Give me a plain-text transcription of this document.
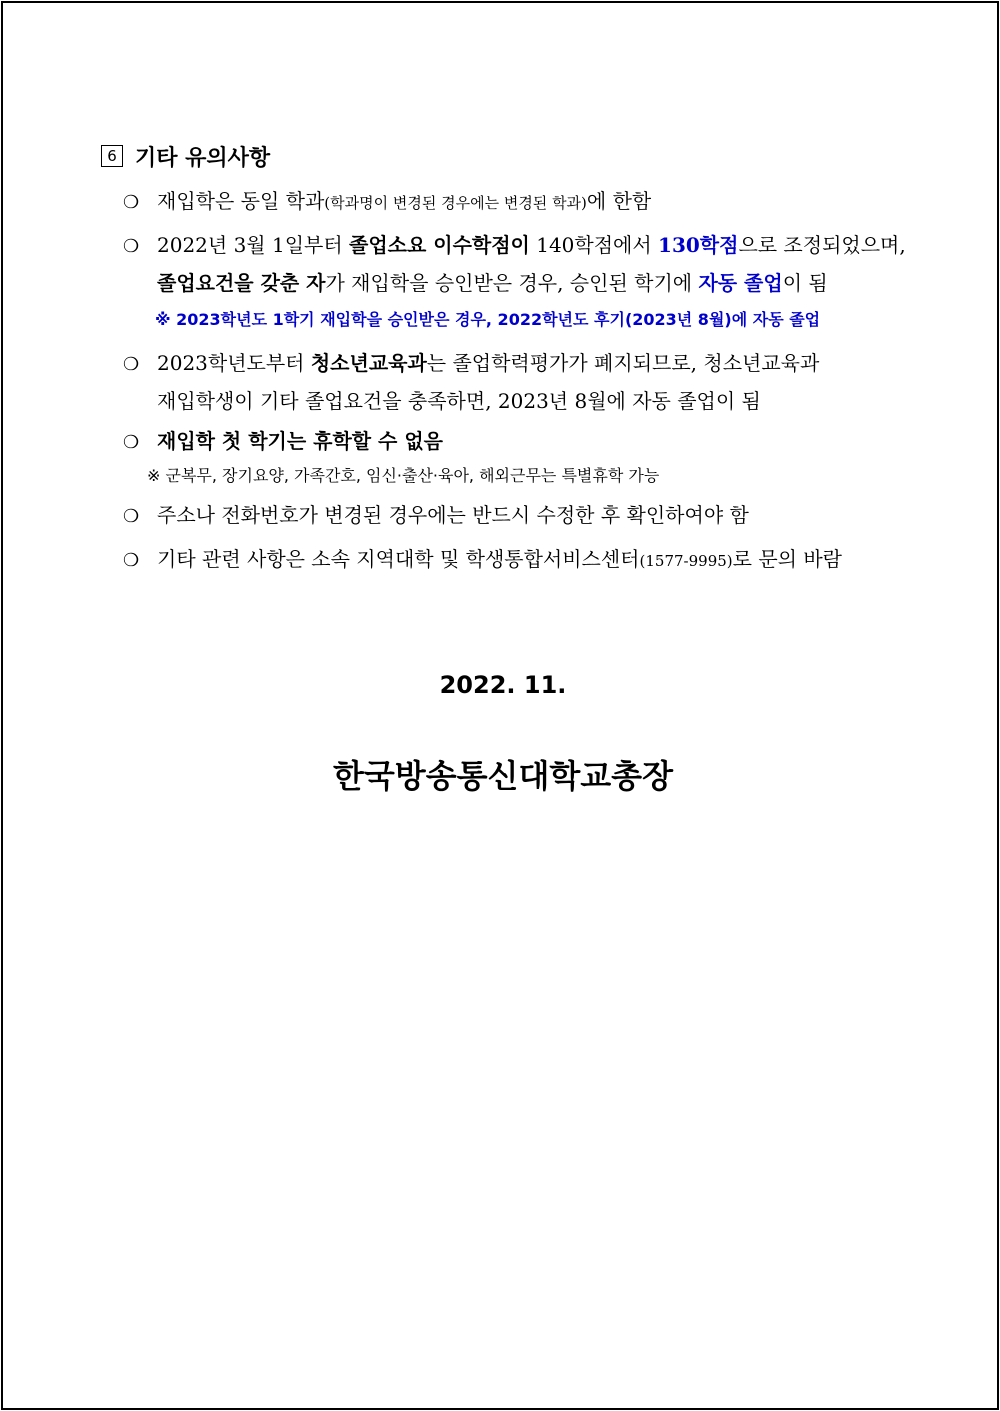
6 기타 유의사항
❍ 재입학은 동일 학과(학과명이 변경된 경우에는 변경된 학과)에 한함
❍ 2022년 3월 1일부터 졸업소요 이수학점이 140학점에서 130학점으로 조정되었으며,
졸업요건을 갖춘 자가 재입학을 승인받은 경우, 승인된 학기에 자동 졸업이 됨
※ 2023학년도 1학기 재입학을 승인받은 경우, 2022학년도 후기(2023년 8월)에 자동 졸업
❍ 2023학년도부터 청소년교육과는 졸업학력평가가 폐지되므로, 청소년교육과
재입학생이 기타 졸업요건을 충족하면, 2023년 8월에 자동 졸업이 됨
❍ 재입학 첫 학기는 휴학할 수 없음
※ 군복무, 장기요양, 가족간호, 임신·출산·육아, 해외근무는 특별휴학 가능
❍ 주소나 전화번호가 변경된 경우에는 반드시 수정한 후 확인하여야 함
❍ 기타 관련 사항은 소속 지역대학 및 학생통합서비스센터(1577-9995)로 문의 바람
2022. 11.
한국방송통신대학교총장
